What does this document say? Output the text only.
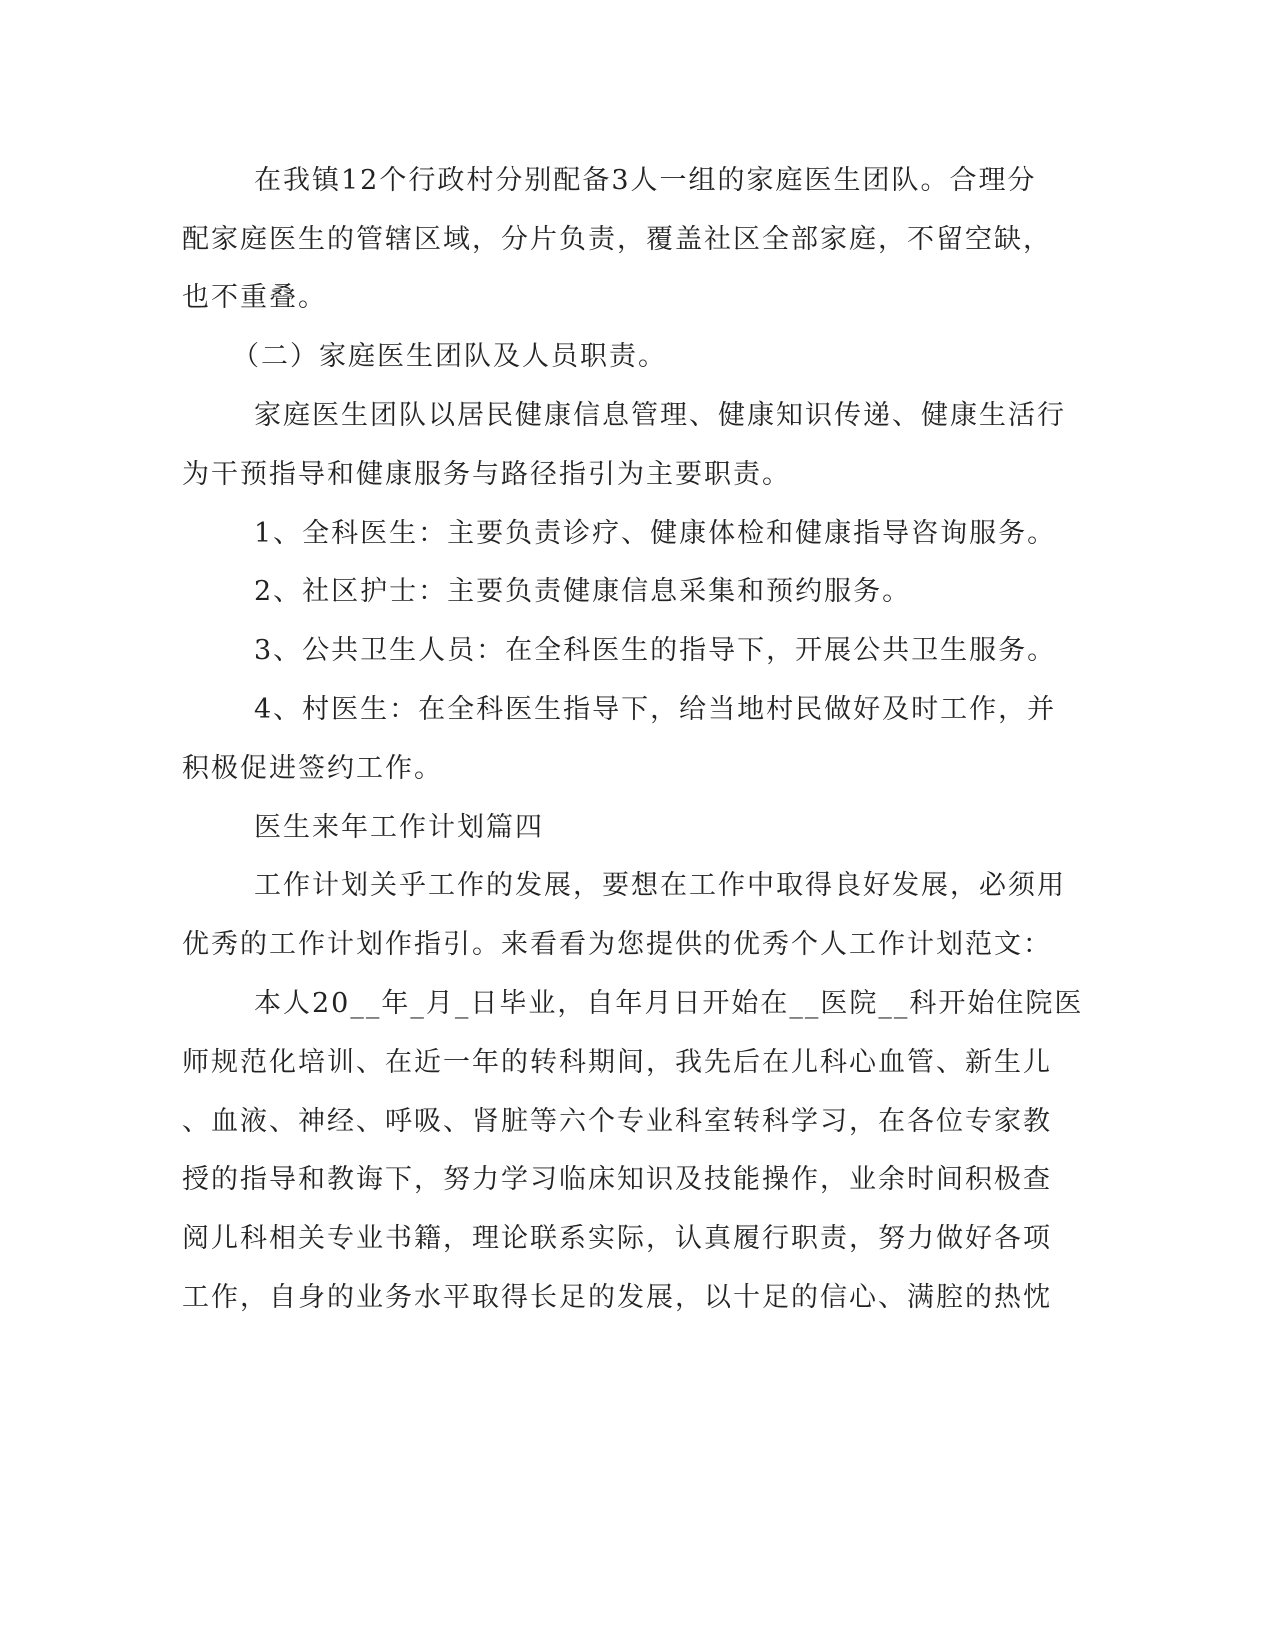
在我镇12个行政村分别配备3人一组的家庭医生团队。合理分

配家庭医生的管辖区域，分片负责，覆盖社区全部家庭，不留空缺，

也不重叠。

（二）家庭医生团队及人员职责。

家庭医生团队以居民健康信息管理、健康知识传递、健康生活行

为干预指导和健康服务与路径指引为主要职责。

1、全科医生：主要负责诊疗、健康体检和健康指导咨询服务。

2、社区护士：主要负责健康信息采集和预约服务。

3、公共卫生人员：在全科医生的指导下，开展公共卫生服务。

4、村医生：在全科医生指导下，给当地村民做好及时工作，并

积极促进签约工作。

医生来年工作计划篇四

工作计划关乎工作的发展，要想在工作中取得良好发展，必须用

优秀的工作计划作指引。来看看为您提供的优秀个人工作计划范文：

本人20__年_月_日毕业，自年月日开始在__医院__科开始住院医

师规范化培训、在近一年的转科期间，我先后在儿科心血管、新生儿

、血液、神经、呼吸、肾脏等六个专业科室转科学习，在各位专家教

授的指导和教诲下，努力学习临床知识及技能操作，业余时间积极查

阅儿科相关专业书籍，理论联系实际，认真履行职责，努力做好各项

工作，自身的业务水平取得长足的发展，以十足的信心、满腔的热忱
